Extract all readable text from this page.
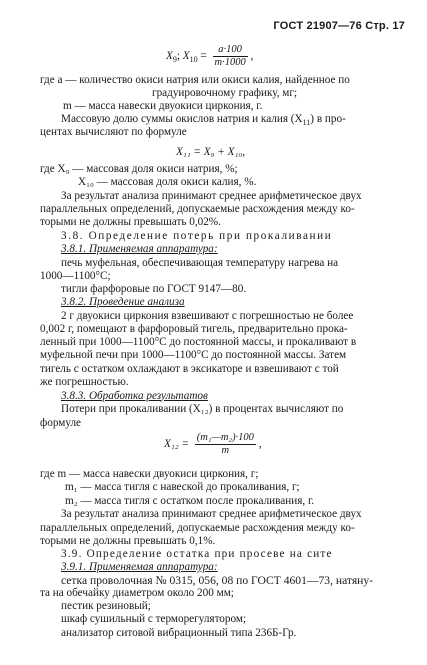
ГОСТ 21907—76 Стр. 17
$X_9$; $X_{10} = \frac{a\cdot 100}{m\cdot 1000}$ ,
где a — количество окиси натрия или окиси калия, найденное по
градуировочному графику, мг;
m — масса навески двуокиси циркония, г.
Массовую долю суммы окислов натрия и калия $(X_{11})$ в про-
центах вычисляют по формуле
X₁₁ = X₉ + X₁₀,
где X₉ — массовая доля окиси натрия, %;
X₁₀ — массовая доля окиси калия, %.
За результат анализа принимают среднее арифметическое двух
параллельных определений, допускаемые расхождения между ко-
торыми не должны превышать 0,02%.
3.8. Определение потерь при прокаливании
3.8.1. Применяемая аппаратура:
печь муфельная, обеспечивающая температуру нагрева на
1000—1100°С;
тигли фарфоровые по ГОСТ 9147—80.
3.8.2. Проведение анализа
2 г двуокиси циркония взвешивают с погрешностью не более
0,002 г, помещают в фарфоровый тигель, предварительно прока-
ленный при 1000—1100°С до постоянной массы, и прокаливают в
муфельной печи при 1000—1100°С до постоянной массы. Затем
тигель с остатком охлаждают в эксикаторе и взвешивают с той
же погрешностью.
3.8.3. Обработка результатов
Потери при прокаливании (X₁₂) в процентах вычисляют по
формуле
$X_{12} = \frac{\text{(m₁—m₂)·100}}{m}$ ,
где m — масса навески двуокиси циркония, г;
m₁ — масса тигля с навеской до прокаливания, г;
m₂ — масса тигля с остатком после прокаливания, г.
За результат анализа принимают среднее арифметическое двух
параллельных определений, допускаемые расхождения между ко-
торыми не должны превышать 0,1%.
3.9. Определение остатка при просеве на сите
3.9.1. Применяемая аппаратура:
сетка проволочная № 0315, 056, 08 по ГОСТ 4601—73, натяну-
та на обечайку диаметром около 200 мм;
пестик резиновый;
шкаф сушильный с терморегулятором;
анализатор ситовой вибрационный типа 236Б-Гр.
